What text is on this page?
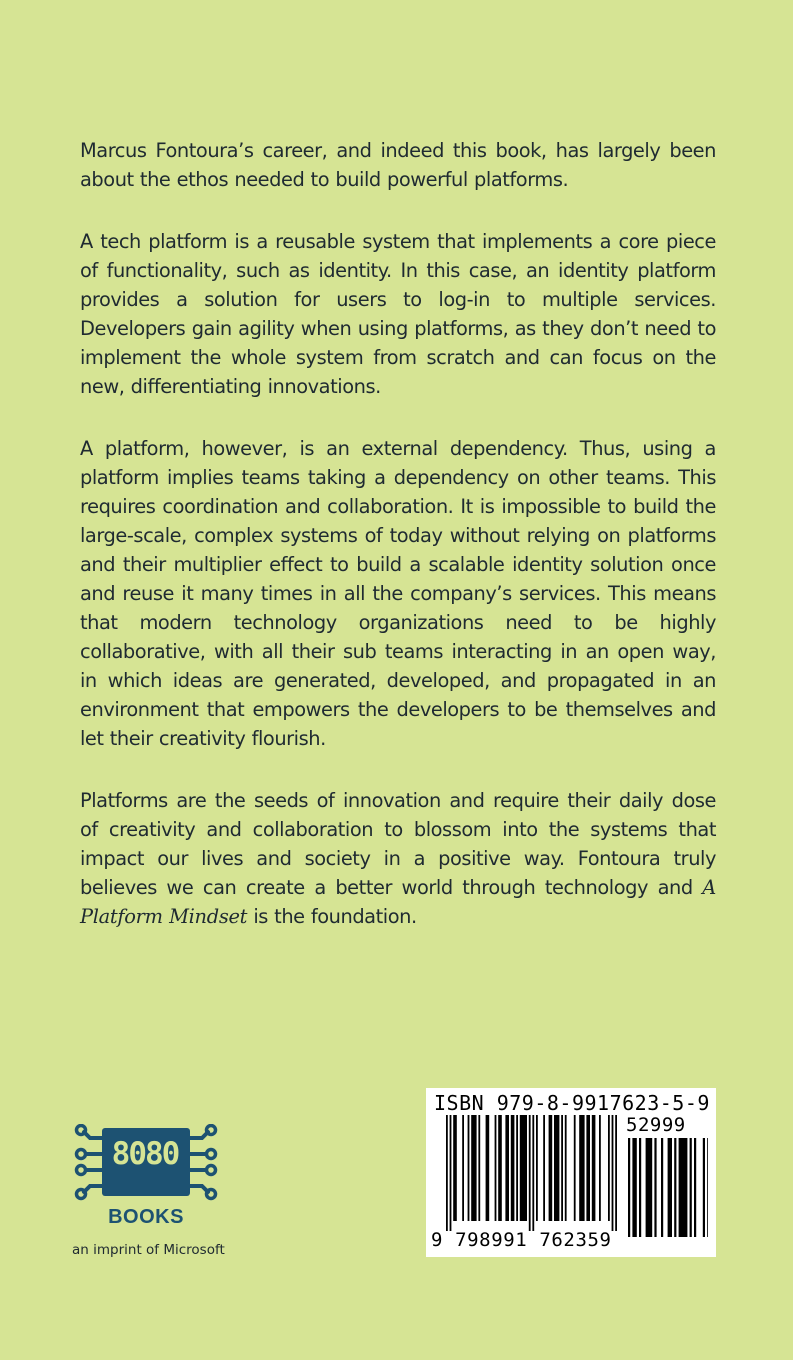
Marcus Fontoura’s career, and indeed this book, has largely been about the ethos needed to build powerful platforms.

A tech platform is a reusable system that implements a core piece of functionality, such as identity. In this case, an identity platform provides a solution for users to log-in to multiple services. Developers gain agility when using platforms, as they don’t need to implement the whole system from scratch and can focus on the new, differentiating innovations.

A platform, however, is an external dependency. Thus, using a platform implies teams taking a dependency on other teams. This requires coordination and collaboration. It is impossible to build the large-scale, complex systems of today without relying on platforms and their multiplier effect to build a scalable identity solution once and reuse it many times in all the company’s services. This means that modern technology organizations need to be highly collaborative, with all their sub teams interacting in an open way, in which ideas are generated, developed, and propagated in an environment that empowers the developers to be themselves and let their creativity flourish.

Platforms are the seeds of innovation and require their daily dose of creativity and collaboration to blossom into the systems that impact our lives and society in a positive way. Fontoura truly believes we can create a better world through technology and A Platform Mindset is the foundation.

8080
BOOKS
an imprint of Microsoft
ISBN 979-8-9917623-5-9
52999
9 798991 762359
